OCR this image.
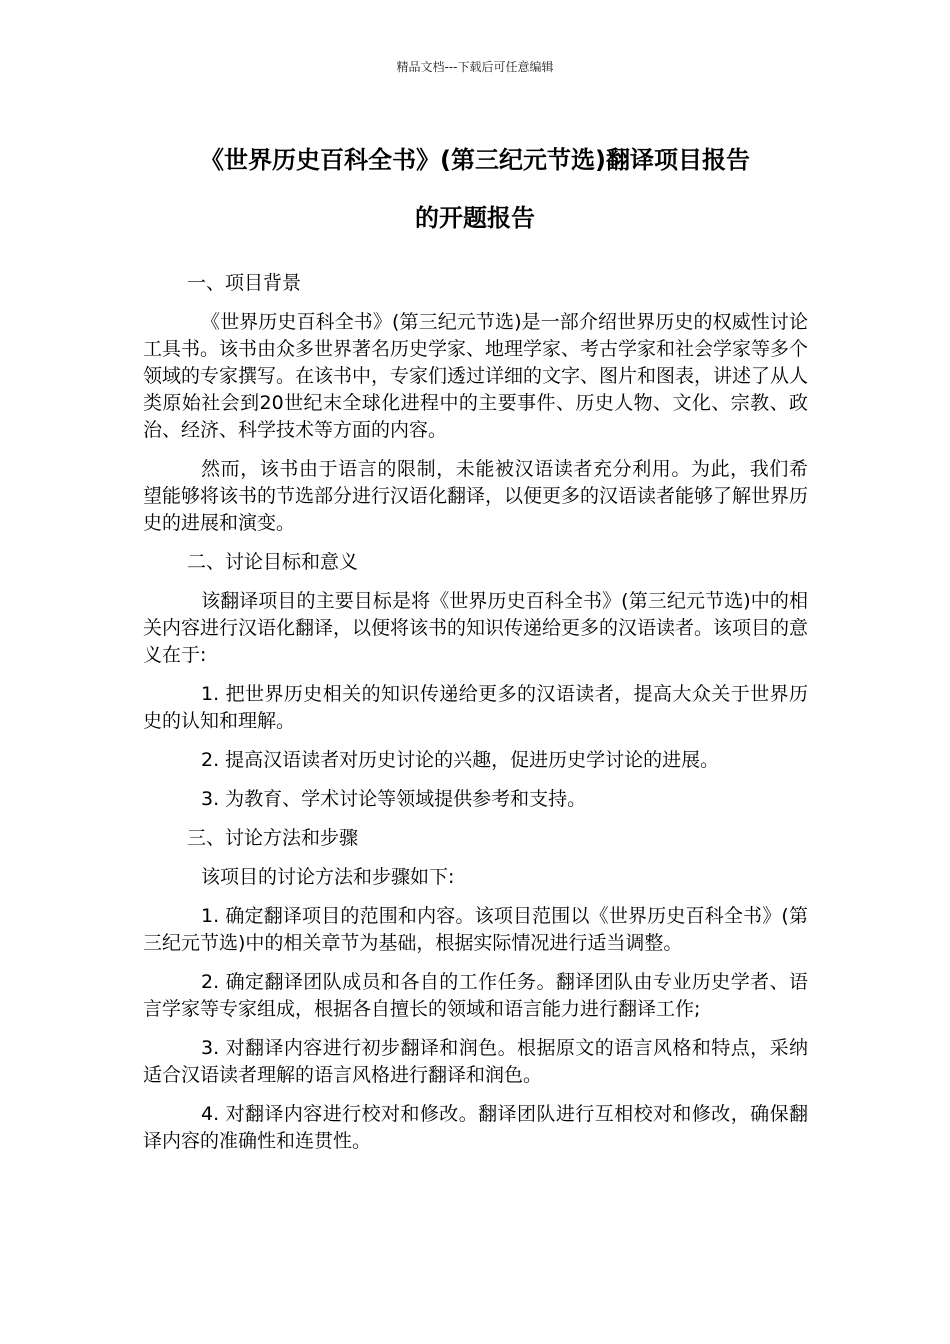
精品文档---下载后可任意编辑
《世界历史百科全书》(第三纪元节选)翻译项目报告
的开题报告

一、项目背景

《世界历史百科全书》(第三纪元节选)是一部介绍世界历史的权威性讨论工具书。该书由众多世界著名历史学家、地理学家、考古学家和社会学家等多个领域的专家撰写。在该书中，专家们透过详细的文字、图片和图表，讲述了从人类原始社会到20世纪末全球化进程中的主要事件、历史人物、文化、宗教、政治、经济、科学技术等方面的内容。

然而，该书由于语言的限制，未能被汉语读者充分利用。为此，我们希望能够将该书的节选部分进行汉语化翻译，以便更多的汉语读者能够了解世界历史的进展和演变。

二、讨论目标和意义

该翻译项目的主要目标是将《世界历史百科全书》(第三纪元节选)中的相关内容进行汉语化翻译，以便将该书的知识传递给更多的汉语读者。该项目的意义在于:

1. 把世界历史相关的知识传递给更多的汉语读者，提高大众关于世界历史的认知和理解。

2. 提高汉语读者对历史讨论的兴趣，促进历史学讨论的进展。

3. 为教育、学术讨论等领域提供参考和支持。

三、讨论方法和步骤

该项目的讨论方法和步骤如下:

1. 确定翻译项目的范围和内容。该项目范围以《世界历史百科全书》(第三纪元节选)中的相关章节为基础，根据实际情况进行适当调整。

2. 确定翻译团队成员和各自的工作任务。翻译团队由专业历史学者、语言学家等专家组成，根据各自擅长的领域和语言能力进行翻译工作;

3. 对翻译内容进行初步翻译和润色。根据原文的语言风格和特点，采纳适合汉语读者理解的语言风格进行翻译和润色。

4. 对翻译内容进行校对和修改。翻译团队进行互相校对和修改，确保翻译内容的准确性和连贯性。
